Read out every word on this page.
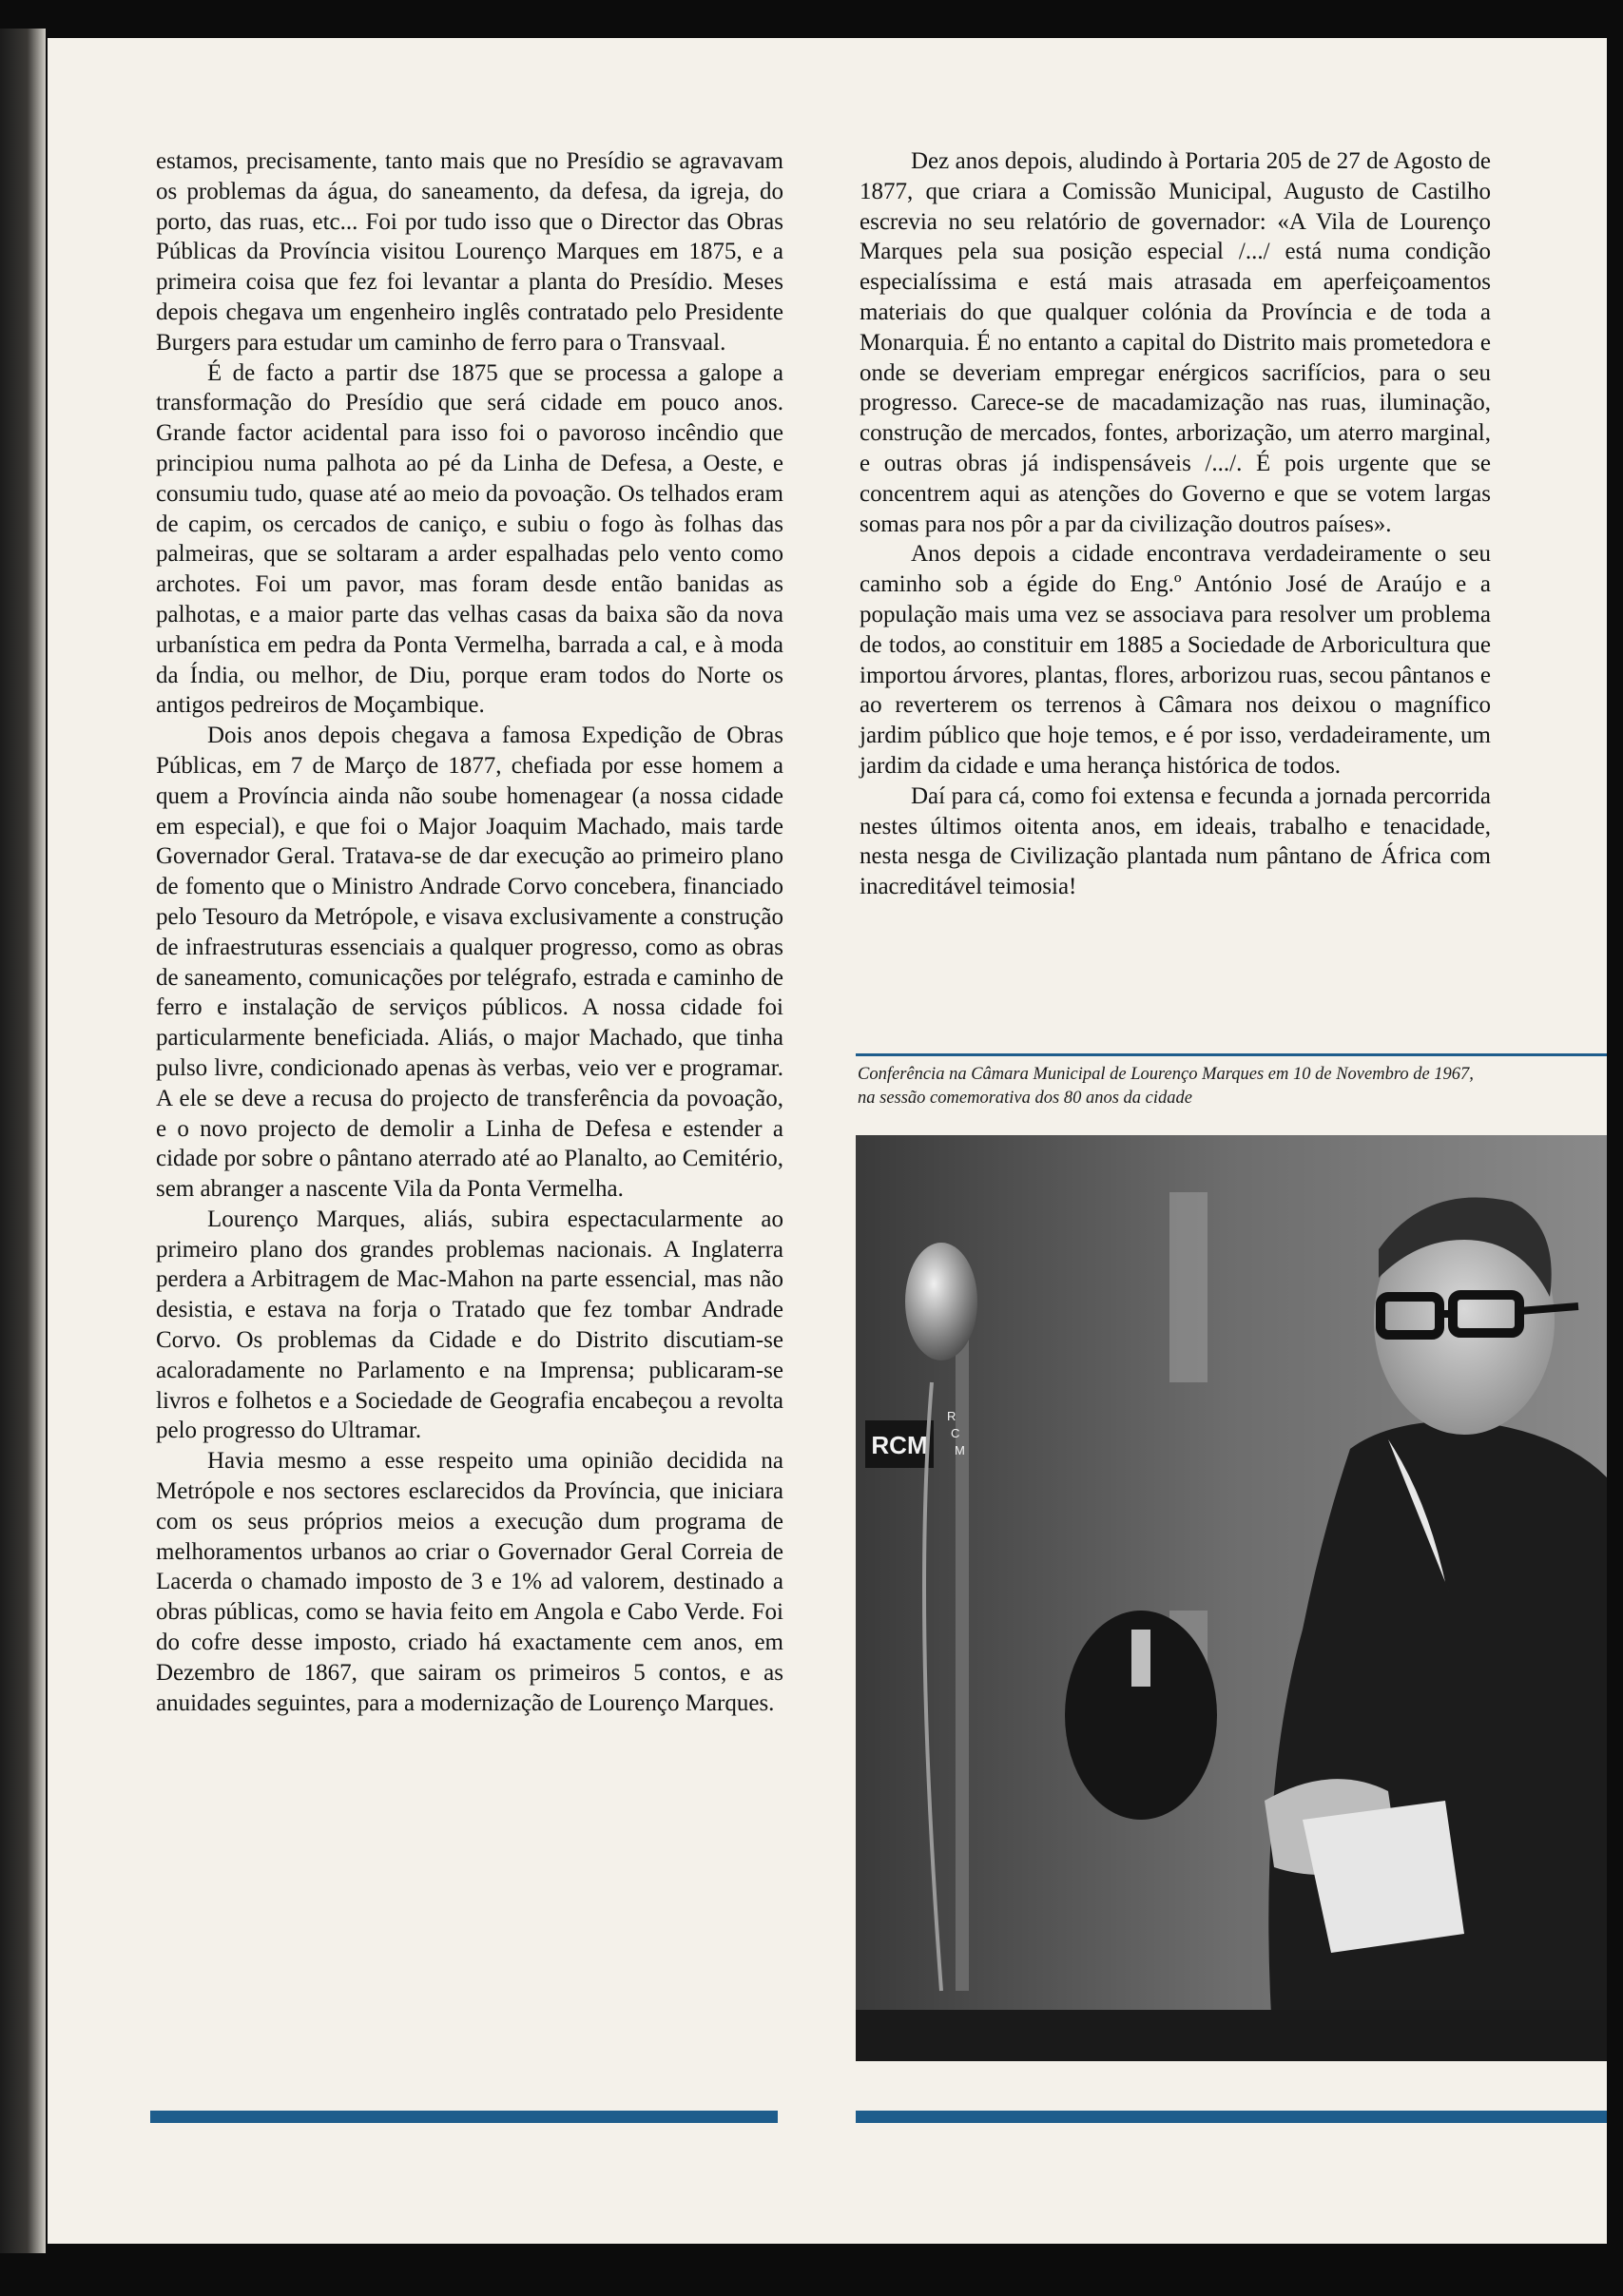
estamos, precisamente, tanto mais que no Presídio se agravavam os problemas da água, do saneamento, da defesa, da igreja, do porto, das ruas, etc... Foi por tudo isso que o Director das Obras Públicas da Província visitou Lourenço Marques em 1875, e a primeira coisa que fez foi levantar a planta do Presídio. Meses depois chegava um engenheiro inglês contratado pelo Presidente Burgers para estudar um caminho de ferro para o Transvaal.

É de facto a partir dse 1875 que se processa a galope a transformação do Presídio que será cidade em pouco anos. Grande factor acidental para isso foi o pavoroso incêndio que principiou numa palhota ao pé da Linha de Defesa, a Oeste, e consumiu tudo, quase até ao meio da povoação. Os telhados eram de capim, os cercados de caniço, e subiu o fogo às folhas das palmeiras, que se soltaram a arder espalhadas pelo vento como archotes. Foi um pavor, mas foram desde então banidas as palhotas, e a maior parte das velhas casas da baixa são da nova urbanística em pedra da Ponta Vermelha, barrada a cal, e à moda da Índia, ou melhor, de Diu, porque eram todos do Norte os antigos pedreiros de Moçambique.

Dois anos depois chegava a famosa Expedição de Obras Públicas, em 7 de Março de 1877, chefiada por esse homem a quem a Província ainda não soube homenagear (a nossa cidade em especial), e que foi o Major Joaquim Machado, mais tarde Governador Geral. Tratava-se de dar execução ao primeiro plano de fomento que o Ministro Andrade Corvo concebera, financiado pelo Tesouro da Metrópole, e visava exclusivamente a construção de infraestruturas essenciais a qualquer progresso, como as obras de saneamento, comunicações por telégrafo, estrada e caminho de ferro e instalação de serviços públicos. A nossa cidade foi particularmente beneficiada. Aliás, o major Machado, que tinha pulso livre, condicionado apenas às verbas, veio ver e programar. A ele se deve a recusa do projecto de transferência da povoação, e o novo projecto de demolir a Linha de Defesa e estender a cidade por sobre o pântano aterrado até ao Planalto, ao Cemitério, sem abranger a nascente Vila da Ponta Vermelha.

Lourenço Marques, aliás, subira espectacularmente ao primeiro plano dos grandes problemas nacionais. A Inglaterra perdera a Arbitragem de Mac-Mahon na parte essencial, mas não desistia, e estava na forja o Tratado que fez tombar Andrade Corvo. Os problemas da Cidade e do Distrito discutiam-se acaloradamente no Parlamento e na Imprensa; publicaram-se livros e folhetos e a Sociedade de Geografia encabeçou a revolta pelo progresso do Ultramar.

Havia mesmo a esse respeito uma opinião decidida na Metrópole e nos sectores esclarecidos da Província, que iniciara com os seus próprios meios a execução dum programa de melhoramentos urbanos ao criar o Governador Geral Correia de Lacerda o chamado imposto de 3 e 1% ad valorem, destinado a obras públicas, como se havia feito em Angola e Cabo Verde. Foi do cofre desse imposto, criado há exactamente cem anos, em Dezembro de 1867, que sairam os primeiros 5 contos, e as anuidades seguintes, para a modernização de Lourenço Marques.

Dez anos depois, aludindo à Portaria 205 de 27 de Agosto de 1877, que criara a Comissão Municipal, Augusto de Castilho escrevia no seu relatório de governador: «A Vila de Lourenço Marques pela sua posição especial /.../ está numa condição especialíssima e está mais atrasada em aperfeiçoamentos materiais do que qualquer colónia da Província e de toda a Monarquia. É no entanto a capital do Distrito mais prometedora e onde se deveriam empregar enérgicos sacrifícios, para o seu progresso. Carece-se de macadamização nas ruas, iluminação, construção de mercados, fontes, arborização, um aterro marginal, e outras obras já indispensáveis /.../. É pois urgente que se concentrem aqui as atenções do Governo e que se votem largas somas para nos pôr a par da civilização doutros países».

Anos depois a cidade encontrava verdadeiramente o seu caminho sob a égide do Eng.º António José de Araújo e a população mais uma vez se associava para resolver um problema de todos, ao constituir em 1885 a Sociedade de Arboricultura que importou árvores, plantas, flores, arborizou ruas, secou pântanos e ao reverterem os terrenos à Câmara nos deixou o magnífico jardim público que hoje temos, e é por isso, verdadeiramente, um jardim da cidade e uma herança histórica de todos.

Daí para cá, como foi extensa e fecunda a jornada percorrida nestes últimos oitenta anos, em ideais, trabalho e tenacidade, nesta nesga de Civilização plantada num pântano de África com inacreditável teimosia!

Conferência na Câmara Municipal de Lourenço Marques em 10 de Novembro de 1967, na sessão comemorativa dos 80 anos da cidade
RCM
R
C
M
